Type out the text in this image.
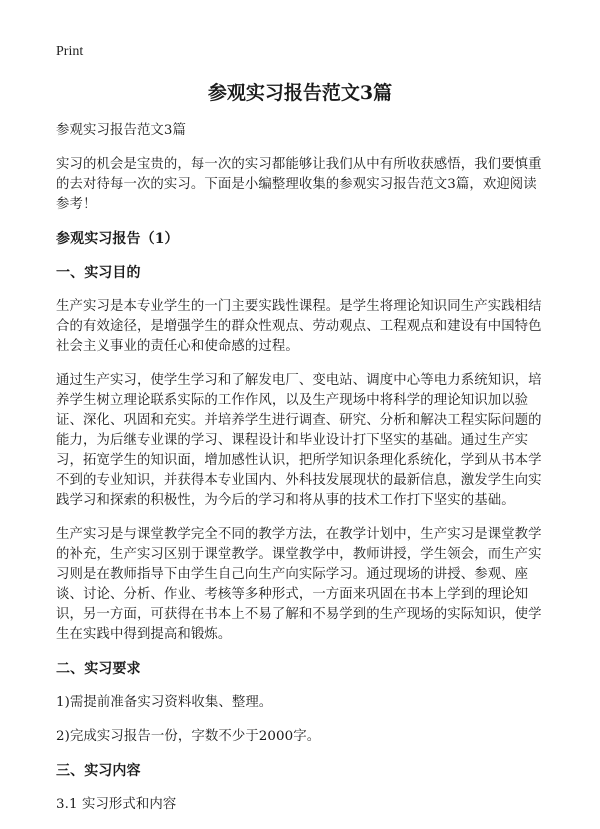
Print
参观实习报告范文3篇

参观实习报告范文3篇

实习的机会是宝贵的，每一次的实习都能够让我们从中有所收获感悟，我们要慎重的去对待每一次的实习。下面是小编整理收集的参观实习报告范文3篇，欢迎阅读参考！

参观实习报告（1）
一、实习目的

生产实习是本专业学生的一门主要实践性课程。是学生将理论知识同生产实践相结合的有效途径，是增强学生的群众性观点、劳动观点、工程观点和建设有中国特色社会主义事业的责任心和使命感的过程。

通过生产实习，使学生学习和了解发电厂、变电站、调度中心等电力系统知识，培养学生树立理论联系实际的工作作风，以及生产现场中将科学的理论知识加以验证、深化、巩固和充实。并培养学生进行调查、研究、分析和解决工程实际问题的能力，为后继专业课的学习、课程设计和毕业设计打下坚实的基础。通过生产实习，拓宽学生的知识面，增加感性认识，把所学知识条理化系统化，学到从书本学不到的专业知识，并获得本专业国内、外科技发展现状的最新信息，激发学生向实践学习和探索的积极性，为今后的学习和将从事的技术工作打下坚实的基础。

生产实习是与课堂教学完全不同的教学方法，在教学计划中，生产实习是课堂教学的补充，生产实习区别于课堂教学。课堂教学中，教师讲授，学生领会，而生产实习则是在教师指导下由学生自己向生产向实际学习。通过现场的讲授、参观、座谈、讨论、分析、作业、考核等多种形式，一方面来巩固在书本上学到的理论知识，另一方面，可获得在书本上不易了解和不易学到的生产现场的实际知识，使学生在实践中得到提高和锻炼。

二、实习要求

1)需提前准备实习资料收集、整理。

2)完成实习报告一份，字数不少于2000字。

三、实习内容

3.1 实习形式和内容
